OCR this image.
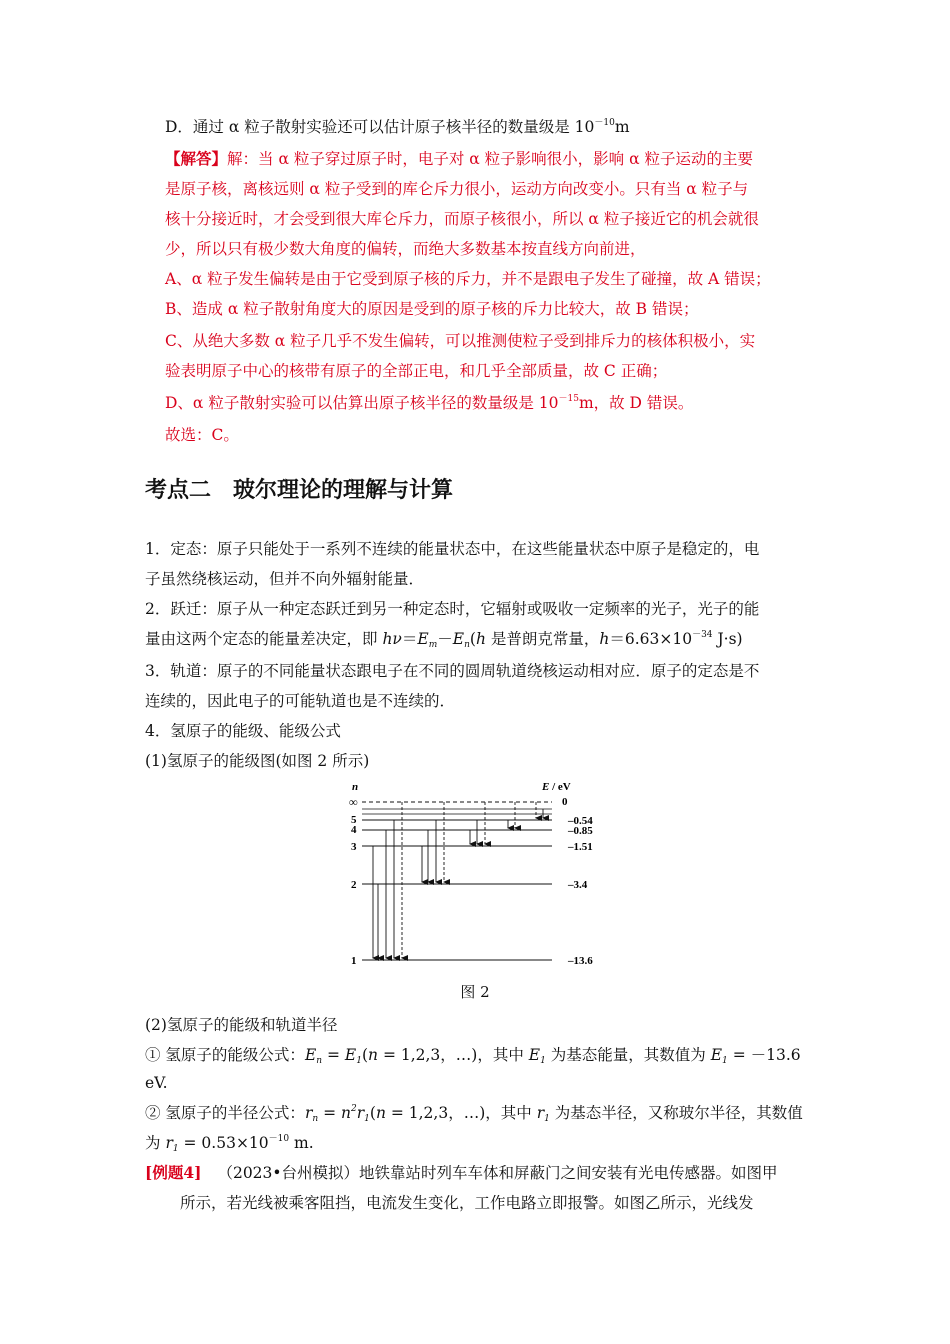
D．通过 α 粒子散射实验还可以估计原子核半径的数量级是 $10^{-10}m$
【解答】解：当 α 粒子穿过原子时，电子对 α 粒子影响很小，影响 α 粒子运动的主要
是原子核，离核远则 α 粒子受到的库仑斥力很小，运动方向改变小。只有当 α 粒子与
核十分接近时，才会受到很大库仑斥力，而原子核很小，所以 α 粒子接近它的机会就很
少，所以只有极少数大角度的偏转，而绝大多数基本按直线方向前进，
A、α 粒子发生偏转是由于它受到原子核的斥力，并不是跟电子发生了碰撞，故 A 错误；
B、造成 α 粒子散射角度大的原因是受到的原子核的斥力比较大，故 B 错误；
C、从绝大多数 α 粒子几乎不发生偏转，可以推测使粒子受到排斥力的核体积极小，实
验表明原子中心的核带有原子的全部正电，和几乎全部质量，故 C 正确；
D、α 粒子散射实验可以估算出原子核半径的数量级是 $10^{-15}m$，故 D 错误。
故选：C。
考点二　玻尔理论的理解与计算
1．定态：原子只能处于一系列不连续的能量状态中，在这些能量状态中原子是稳定的，电
子虽然绕核运动，但并不向外辐射能量．
2．跃迁：原子从一种定态跃迁到另一种定态时，它辐射或吸收一定频率的光子，光子的能
量由这两个定态的能量差决定，即 $h\nu=E_m-E_n(h$ 是普朗克常量，$h=6.63\times 10^{-34}$ J·s)
3．轨道：原子的不同能量状态跟电子在不同的圆周轨道绕核运动相对应．原子的定态是不
连续的，因此电子的可能轨道也是不连续的．
4．氢原子的能级、能级公式
(1)氢原子的能级图(如图 2 所示)
n	E / eV
∞
5
4
3
2
1
0
–0.54
–0.85
–1.51
–3.4
–13.6
图 2
(2)氢原子的能级和轨道半径
① 氢原子的能级公式：$E_n = E_1(n = 1,2,3$，…)，其中 $E_1$ 为基态能量，其数值为 $E_1 = -13.6$
eV.
② 氢原子的半径公式：$r_n = n^2r_1(n = 1,2,3$，…)，其中 $r_1$ 为基态半径，又称玻尔半径，其数值
为 $r_1 = 0.53\times 10^{-10}$ m.
[例题4] （2023•台州模拟）地铁靠站时列车车体和屏蔽门之间安装有光电传感器。如图甲
所示，若光线被乘客阻挡，电流发生变化，工作电路立即报警。如图乙所示，光线发
